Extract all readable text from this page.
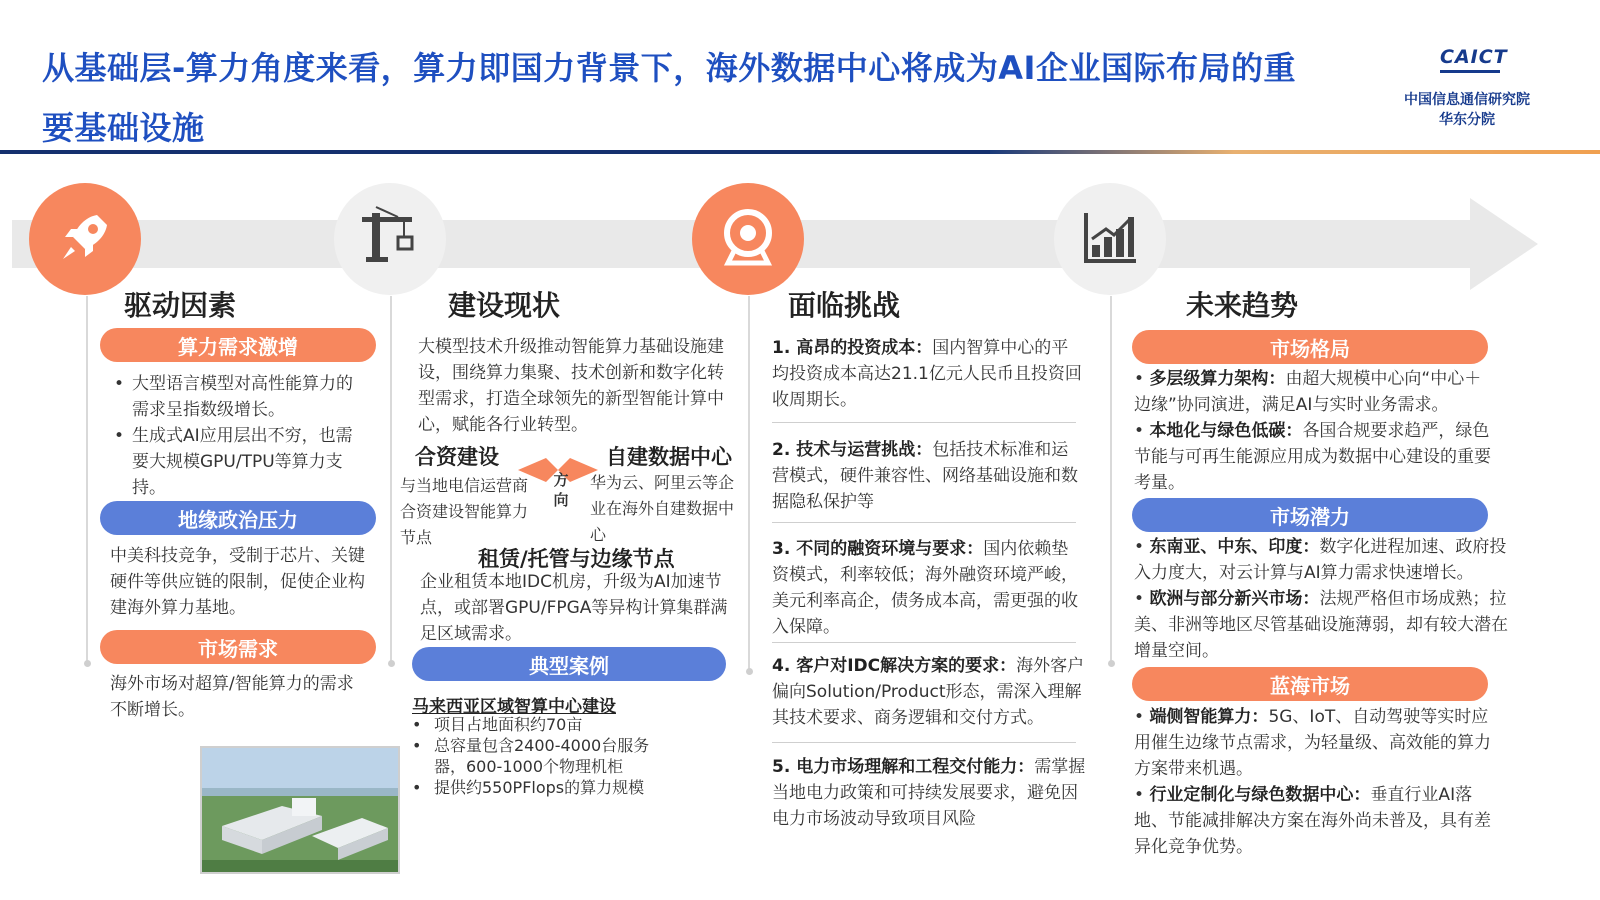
从基础层-算力角度来看，算力即国力背景下，海外数据中心将成为AI企业国际布局的重
要基础设施
CAICT
中国信息通信研究院
华东分院
驱动因素
算力需求激增
• 大型语言模型对高性能算力的需求呈指数级增长。
• 生成式AI应用层出不穷，也需要大规模GPU/TPU等算力支持。
地缘政治压力
中美科技竞争，受制于芯片、关键硬件等供应链的限制，促使企业构建海外算力基地。
市场需求
海外市场对超算/智能算力的需求不断增长。
建设现状
大模型技术升级推动智能算力基础设施建设，围绕算力集聚、技术创新和数字化转型需求，打造全球领先的新型智能计算中心，赋能各行业转型。
合资建设
与当地电信运营商合资建设智能算力节点
方向
自建数据中心
华为云、阿里云等企业在海外自建数据中心
租赁/托管与边缘节点
企业租赁本地IDC机房，升级为AI加速节点，或部署GPU/FPGA等异构计算集群满足区域需求。
典型案例
马来西亚区域智算中心建设
• 项目占地面积约70亩
• 总容量包含2400-4000台服务器，600-1000个物理机柜
• 提供约550PFlops的算力规模
面临挑战
1. 高昂的投资成本：国内智算中心的平均投资成本高达21.1亿元人民币且投资回收周期长。
2. 技术与运营挑战：包括技术标准和运营模式，硬件兼容性、网络基础设施和数据隐私保护等
3. 不同的融资环境与要求：国内依赖垫资模式，利率较低；海外融资环境严峻，美元利率高企，债务成本高，需更强的收入保障。
4. 客户对IDC解决方案的要求：海外客户偏向Solution/Product形态，需深入理解其技术要求、商务逻辑和交付方式。
5. 电力市场理解和工程交付能力：需掌握当地电力政策和可持续发展要求，避免因电力市场波动导致项目风险
未来趋势
市场格局
• 多层级算力架构：由超大规模中心向“中心＋边缘”协同演进，满足AI与实时业务需求。
• 本地化与绿色低碳：各国合规要求趋严，绿色节能与可再生能源应用成为数据中心建设的重要考量。
市场潜力
• 东南亚、中东、印度：数字化进程加速、政府投入力度大，对云计算与AI算力需求快速增长。
• 欧洲与部分新兴市场：法规严格但市场成熟；拉美、非洲等地区尽管基础设施薄弱，却有较大潜在增量空间。
蓝海市场
• 端侧智能算力：5G、IoT、自动驾驶等实时应用催生边缘节点需求，为轻量级、高效能的算力方案带来机遇。
• 行业定制化与绿色数据中心：垂直行业AI落地、节能减排解决方案在海外尚未普及，具有差异化竞争优势。
